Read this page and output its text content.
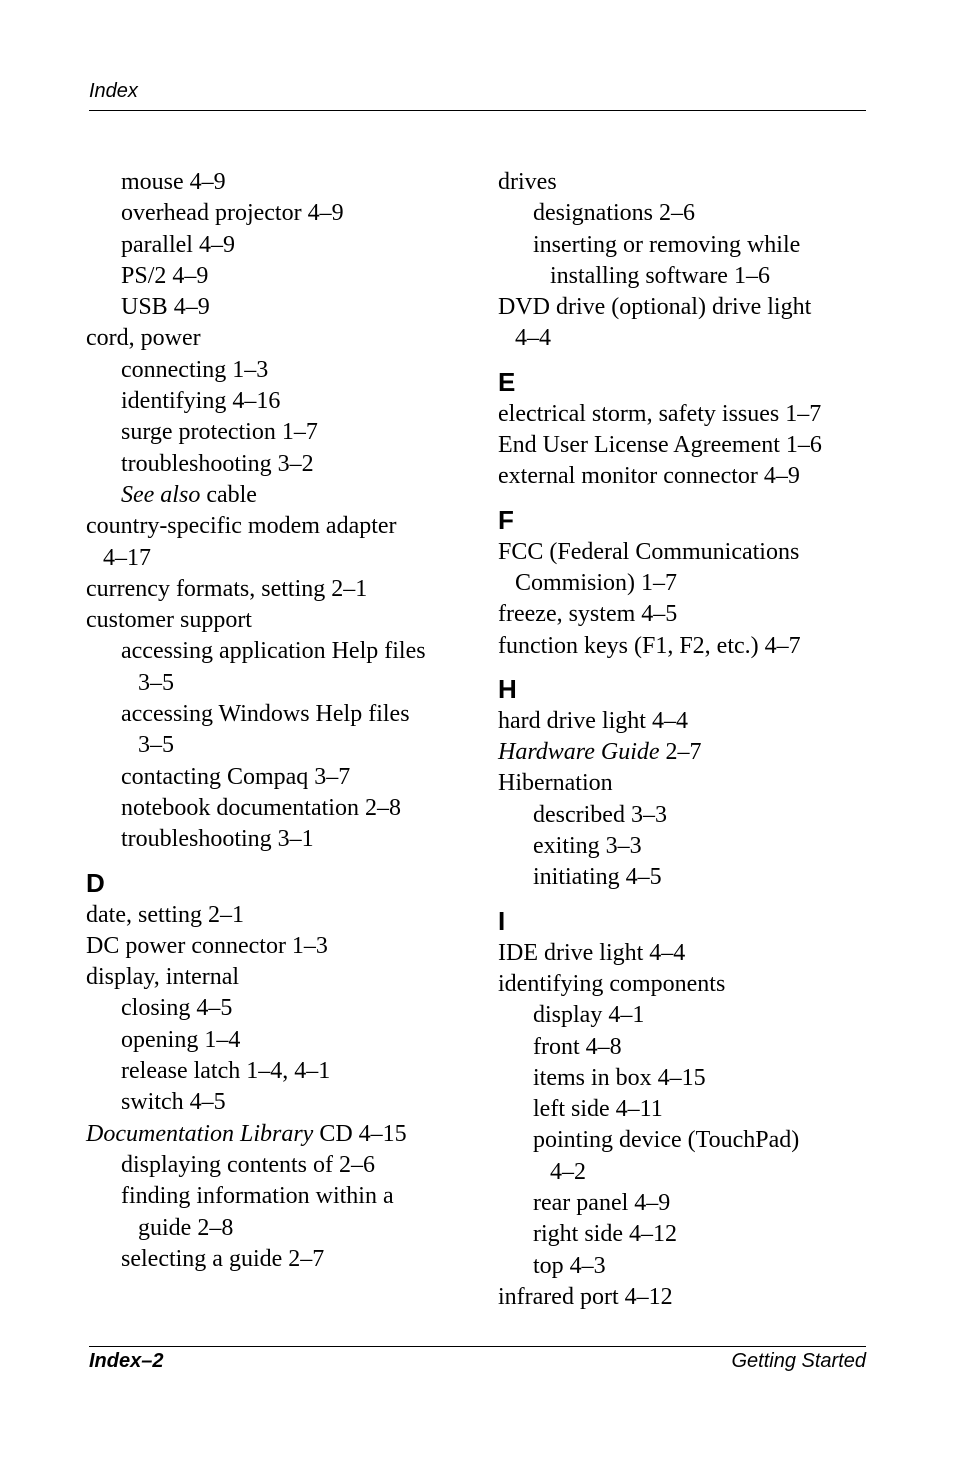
Index
mouse 4–9
overhead projector 4–9
parallel 4–9
PS/2 4–9
USB 4–9
cord, power
connecting 1–3
identifying 4–16
surge protection 1–7
troubleshooting 3–2
See also cable
country-specific modem adapter
4–17
currency formats, setting 2–1
customer support
accessing application Help files
3–5
accessing Windows Help files
3–5
contacting Compaq 3–7
notebook documentation 2–8
troubleshooting 3–1
D
date, setting 2–1
DC power connector 1–3
display, internal
closing 4–5
opening 1–4
release latch 1–4, 4–1
switch 4–5
Documentation Library CD 4–15
displaying contents of 2–6
finding information within a
guide 2–8
selecting a guide 2–7
drives
designations 2–6
inserting or removing while
installing software 1–6
DVD drive (optional) drive light
4–4
E
electrical storm, safety issues 1–7
End User License Agreement 1–6
external monitor connector 4–9
F
FCC (Federal Communications
Commision) 1–7
freeze, system 4–5
function keys (F1, F2, etc.) 4–7
H
hard drive light 4–4
Hardware Guide 2–7
Hibernation
described 3–3
exiting 3–3
initiating 4–5
I
IDE drive light 4–4
identifying components
display 4–1
front 4–8
items in box 4–15
left side 4–11
pointing device (TouchPad)
4–2
rear panel 4–9
right side 4–12
top 4–3
infrared port 4–12
Index–2	Getting Started
